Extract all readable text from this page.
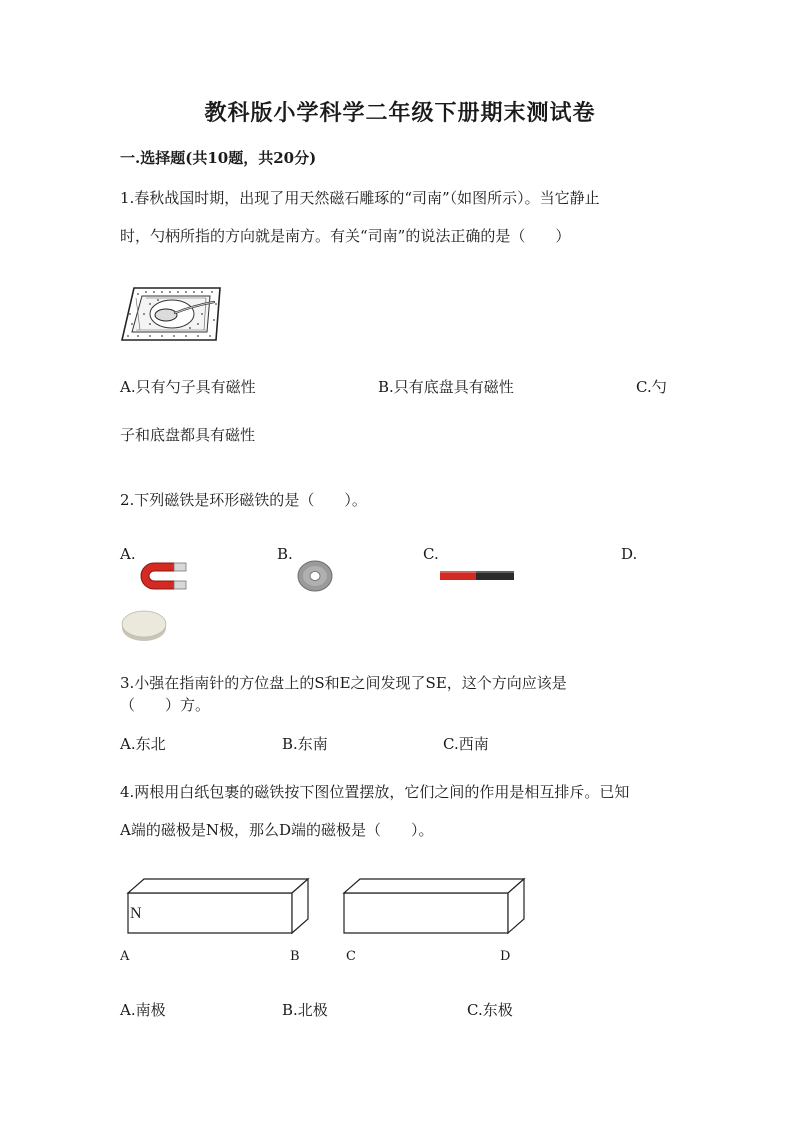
教科版小学科学二年级下册期末测试卷
一.选择题(共10题，共20分)
1.春秋战国时期，出现了用天然磁石雕琢的“司南”（如图所示）。当它静止
时，勺柄所指的方向就是南方。有关“司南”的说法正确的是（　　）
A.只有勺子具有磁性	B.只有底盘具有磁性	C.勺
子和底盘都具有磁性
2.下列磁铁是环形磁铁的是（　　）。
A.	B.	C.	D.
3.小强在指南针的方位盘上的S和E之间发现了SE，这个方向应该是
（　　）方。
A.东北	B.东南	C.西南
4.两根用白纸包裹的磁铁按下图位置摆放，它们之间的作用是相互排斥。已知
A端的磁极是N极，那么D端的磁极是（　　）。
N
A	B	C	D
A.南极	B.北极	C.东极
